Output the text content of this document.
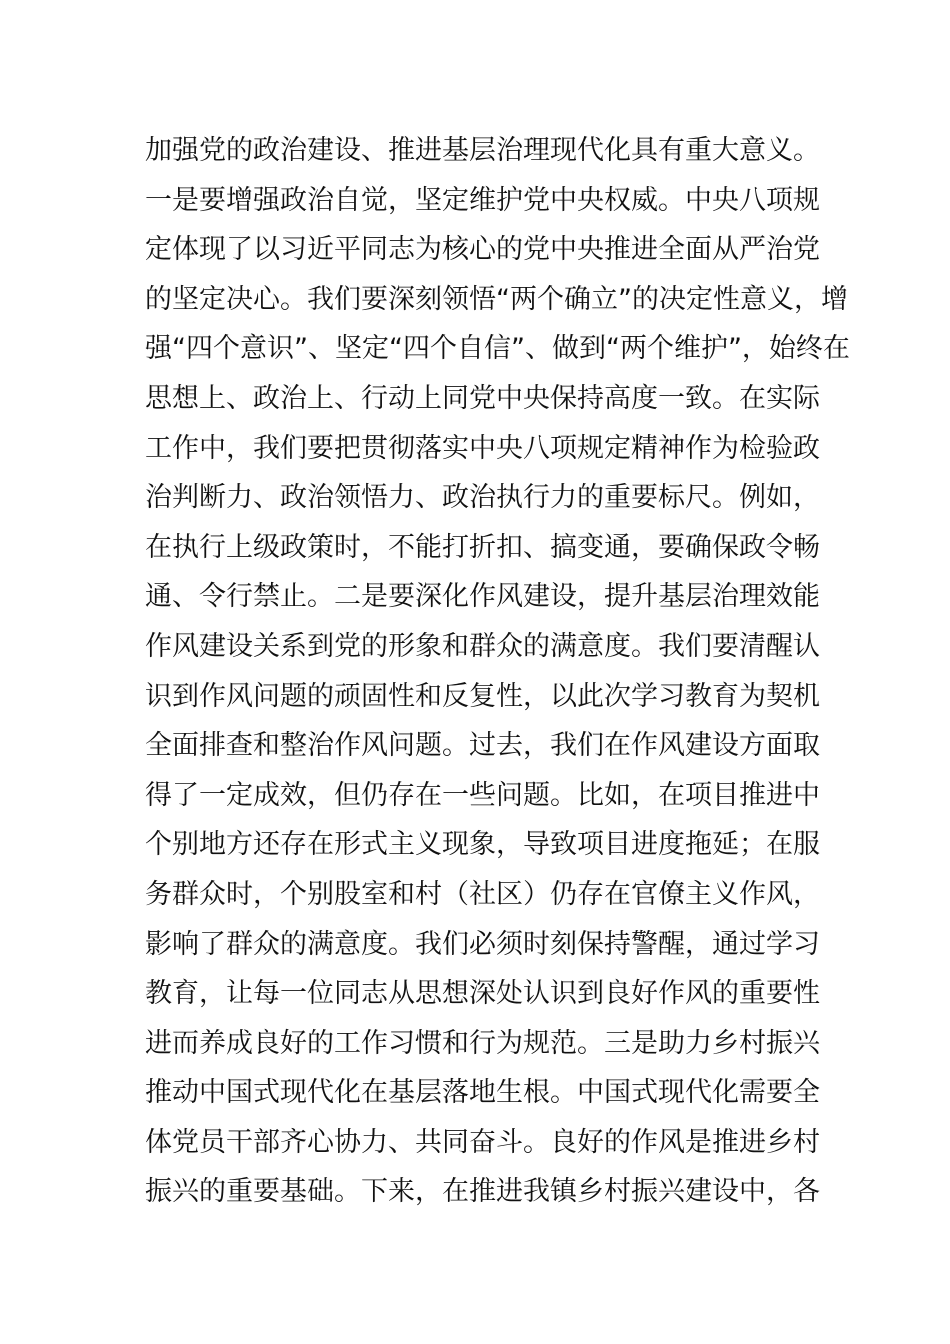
加强党的政治建设、推进基层治理现代化具有重大意义。
一是要增强政治自觉，坚定维护党中央权威。中央八项规
定体现了以习近平同志为核心的党中央推进全面从严治党
的坚定决心。我们要深刻领悟“两个确立”的决定性意义，增
强“四个意识”、坚定“四个自信”、做到“两个维护”，始终在
思想上、政治上、行动上同党中央保持高度一致。在实际
工作中，我们要把贯彻落实中央八项规定精神作为检验政
治判断力、政治领悟力、政治执行力的重要标尺。例如，
在执行上级政策时，不能打折扣、搞变通，要确保政令畅
通、令行禁止。二是要深化作风建设，提升基层治理效能
作风建设关系到党的形象和群众的满意度。我们要清醒认
识到作风问题的顽固性和反复性，以此次学习教育为契机
全面排查和整治作风问题。过去，我们在作风建设方面取
得了一定成效，但仍存在一些问题。比如，在项目推进中
个别地方还存在形式主义现象，导致项目进度拖延；在服
务群众时，个别股室和村（社区）仍存在官僚主义作风，
影响了群众的满意度。我们必须时刻保持警醒，通过学习
教育，让每一位同志从思想深处认识到良好作风的重要性
进而养成良好的工作习惯和行为规范。三是助力乡村振兴
推动中国式现代化在基层落地生根。中国式现代化需要全
体党员干部齐心协力、共同奋斗。良好的作风是推进乡村
振兴的重要基础。下来，在推进我镇乡村振兴建设中，各
